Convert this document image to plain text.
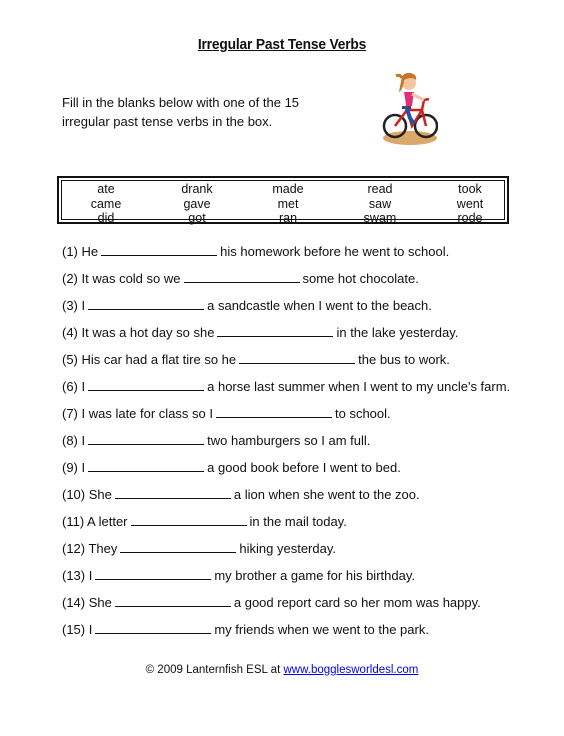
Irregular Past Tense Verbs
Fill in the blanks below with one of the 15 irregular past tense verbs in the box.
ate	drank	made	read	took
came	gave	met	saw	went
did	got	ran	swam	rode
(1) He	his homework before he went to school.
(2) It was cold so we	some hot chocolate.
(3) I	a sandcastle when I went to the beach.
(4) It was a hot day so she	in the lake yesterday.
(5) His car had a flat tire so he	the bus to work.
(6) I	a horse last summer when I went to my uncle's farm.
(7) I was late for class so I	to school.
(8) I	two hamburgers so I am full.
(9) I	a good book before I went to bed.
(10) She	a lion when she went to the zoo.
(11) A letter	in the mail today.
(12) They	hiking yesterday.
(13) I	my brother a game for his birthday.
(14) She	a good report card so her mom was happy.
(15) I	my friends when we went to the park.
© 2009 Lanternfish ESL at www.bogglesworldesl.com
